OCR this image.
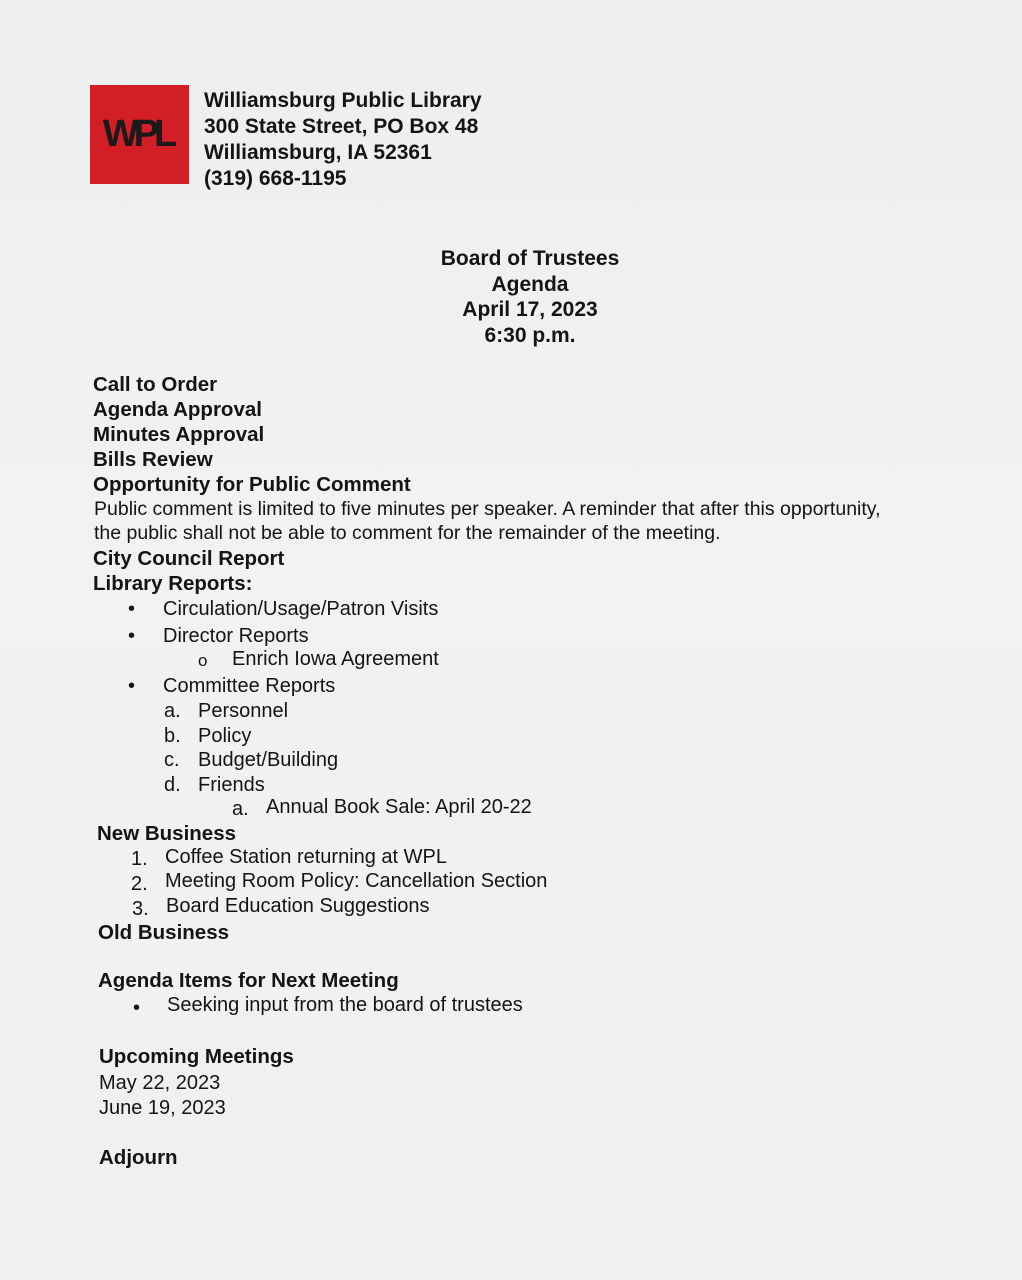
WPL
Williamsburg Public Library
300 State Street, PO Box 48
Williamsburg, IA 52361
(319) 668-1195
Board of Trustees
Agenda
April 17, 2023
6:30 p.m.
Call to Order
Agenda Approval
Minutes Approval
Bills Review
Opportunity for Public Comment
Public comment is limited to five minutes per speaker. A reminder that after this opportunity,
the public shall not be able to comment for the remainder of the meeting.
City Council Report
Library Reports:
• Circulation/Usage/Patron Visits
• Director Reports
o Enrich Iowa Agreement
• Committee Reports
a. Personnel
b. Policy
c. Budget/Building
d. Friends
a. Annual Book Sale: April 20-22
New Business
1. Coffee Station returning at WPL
2. Meeting Room Policy: Cancellation Section
3. Board Education Suggestions
Old Business
Agenda Items for Next Meeting
• Seeking input from the board of trustees
Upcoming Meetings
May 22, 2023
June 19, 2023
Adjourn
